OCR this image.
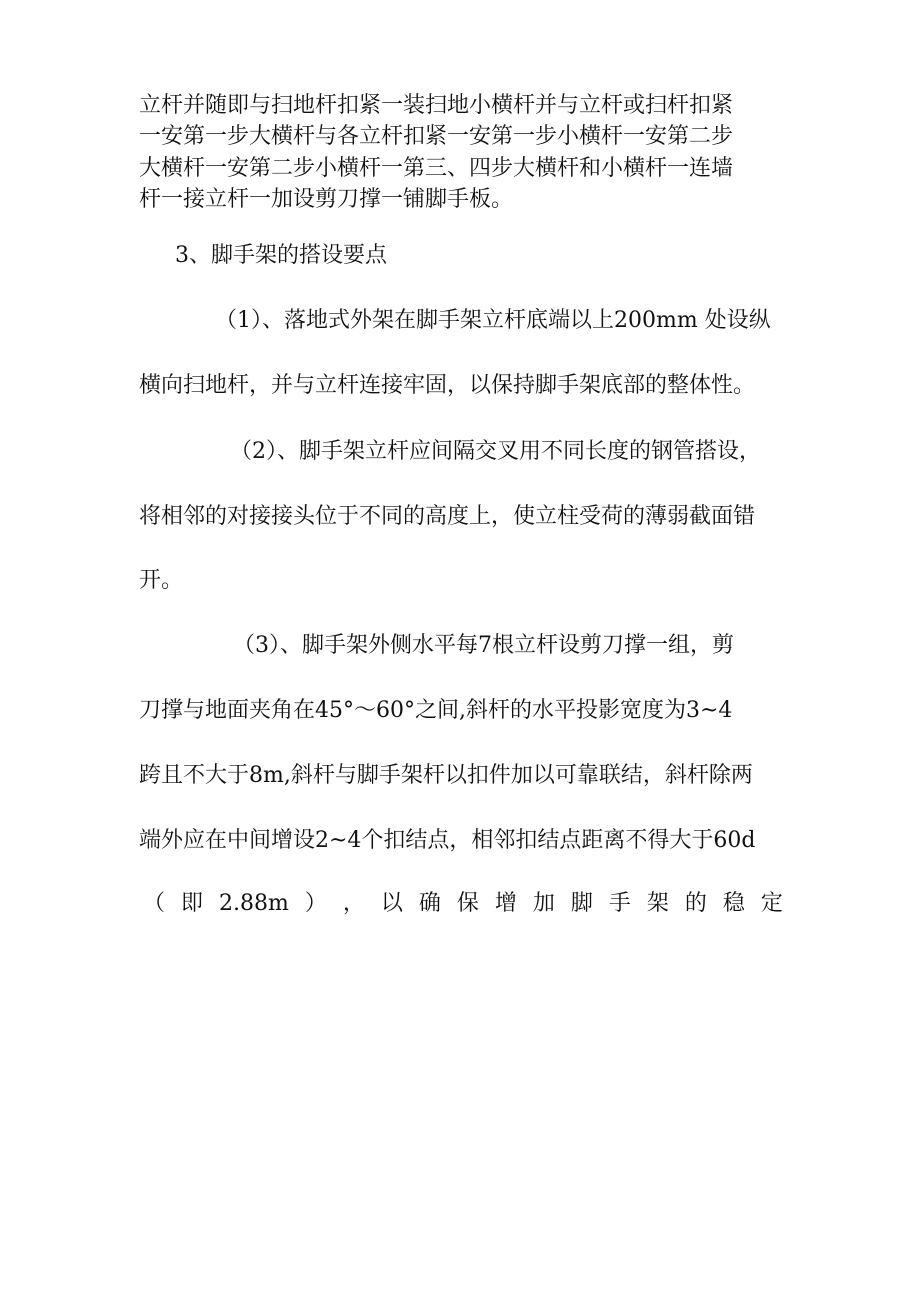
立杆并随即与扫地杆扣紧一装扫地小横杆并与立杆或扫杆扣紧
一安第一步大横杆与各立杆扣紧一安第一步小横杆一安第二步
大横杆一安第二步小横杆一第三、四步大横杆和小横杆一连墙
杆一接立杆一加设剪刀撑一铺脚手板。
3、脚手架的搭设要点
（1）、落地式外架在脚手架立杆底端以上200mm 处设纵
横向扫地杆，并与立杆连接牢固，以保持脚手架底部的整体性。
（2）、脚手架立杆应间隔交叉用不同长度的钢管搭设，
将相邻的对接接头位于不同的高度上，使立柱受荷的薄弱截面错
开。
（3）、脚手架外侧水平每7根立杆设剪刀撑一组，剪
刀撑与地面夹角在45°～60°之间,斜杆的水平投影宽度为3~4
跨且不大于8m,斜杆与脚手架杆以扣件加以可靠联结，斜杆除两
端外应在中间增设2~4个扣结点，相邻扣结点距离不得大于60d
（ 即 2.88m ） ， 以 确 保 增 加 脚 手 架 的 稳 定
